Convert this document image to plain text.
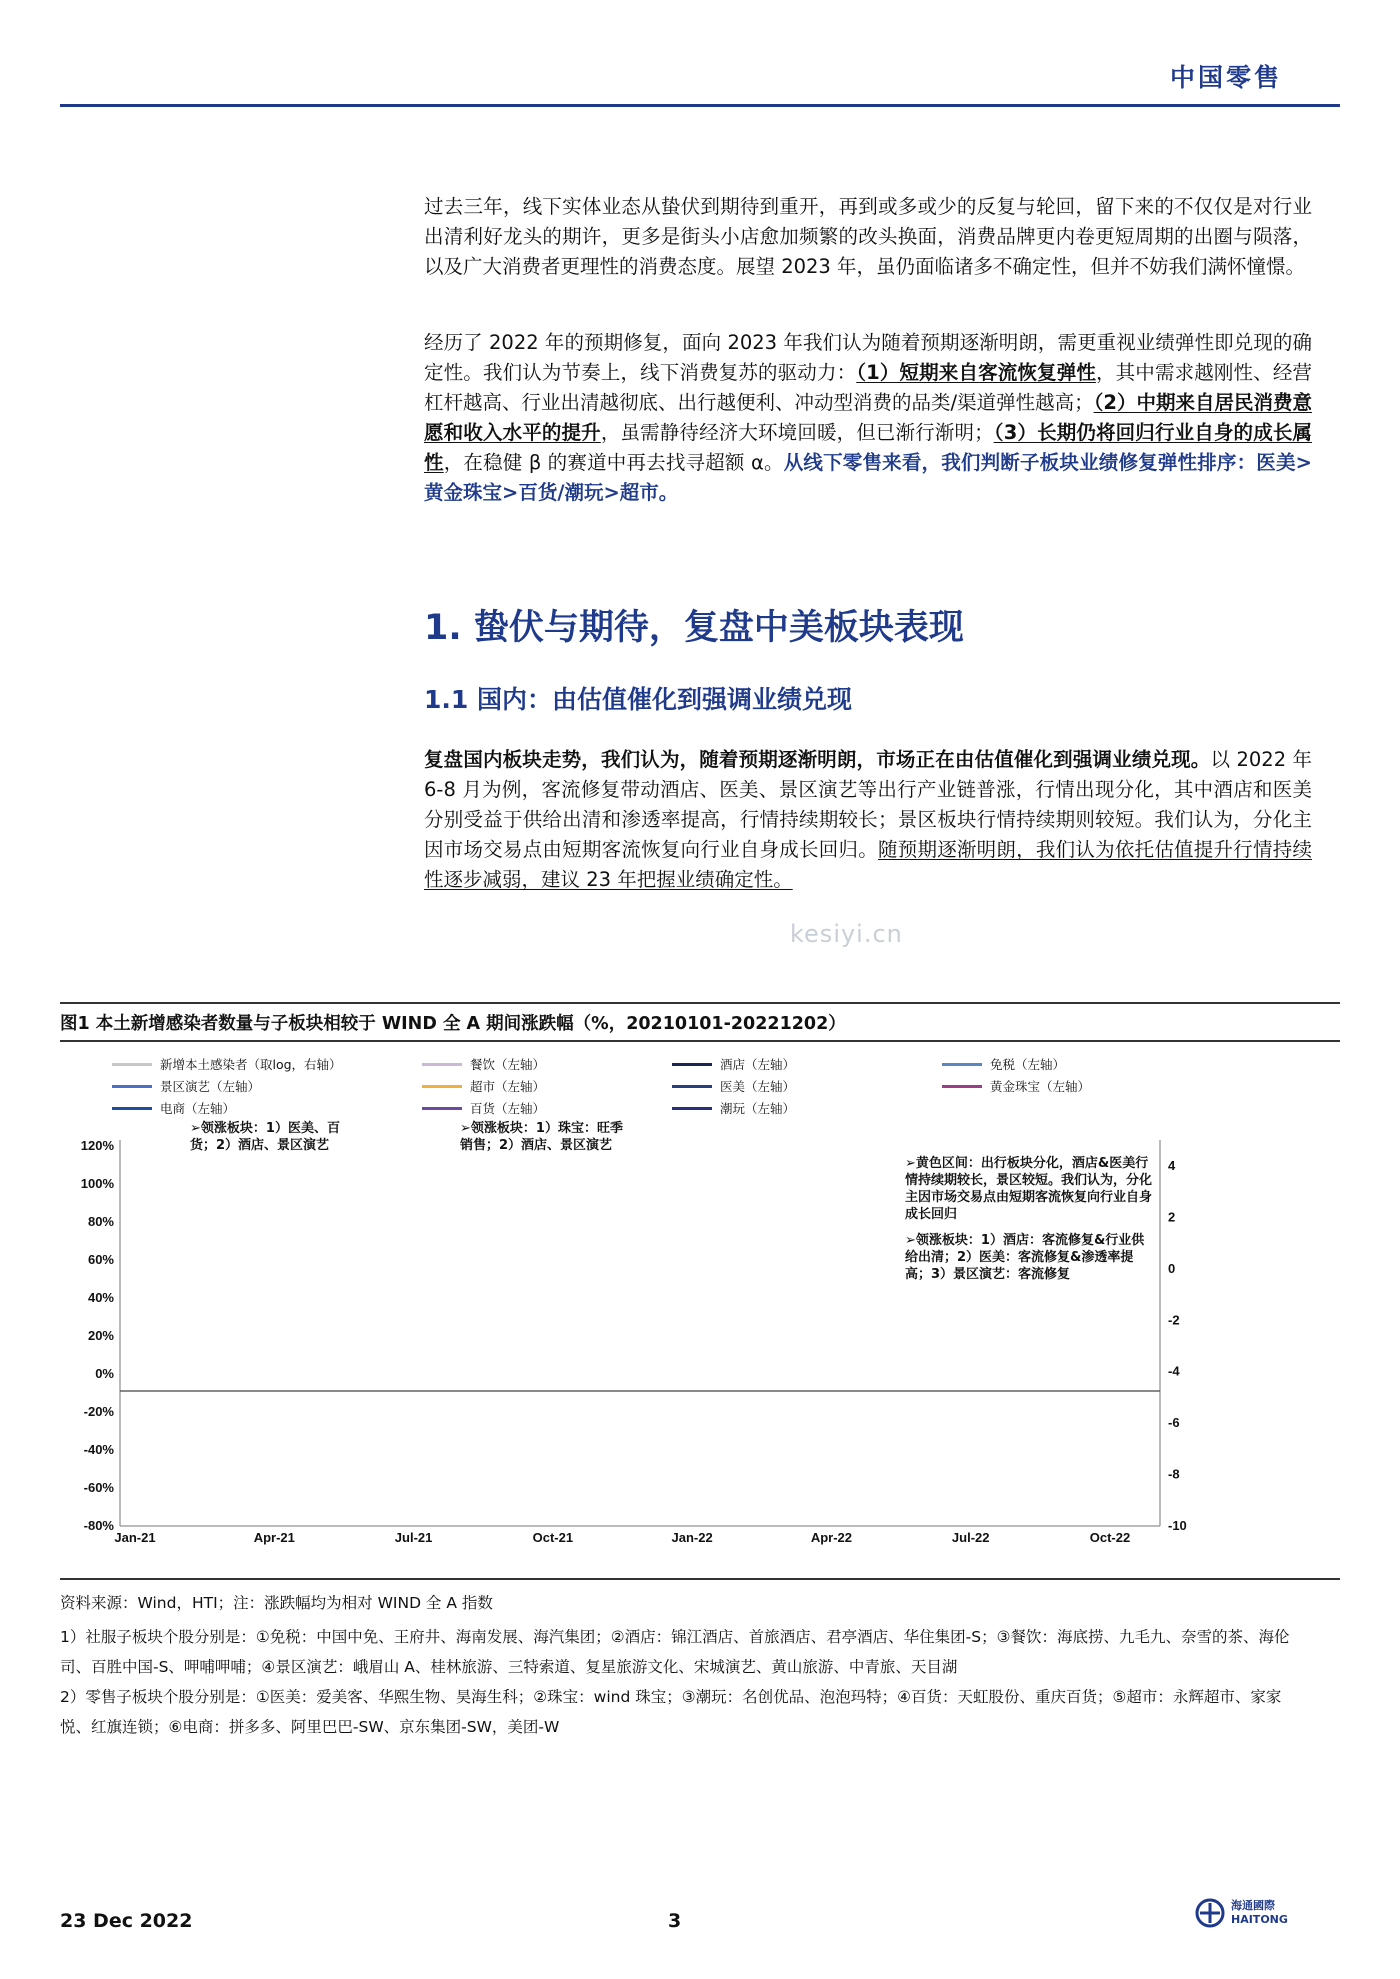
中国零售

过去三年，线下实体业态从蛰伏到期待到重开，再到或多或少的反复与轮回，留下来的不仅仅是对行业出清利好龙头的期许，更多是街头小店愈加频繁的改头换面，消费品牌更内卷更短周期的出圈与陨落，以及广大消费者更理性的消费态度。展望 2023 年，虽仍面临诸多不确定性，但并不妨我们满怀憧憬。

经历了 2022 年的预期修复，面向 2023 年我们认为随着预期逐渐明朗，需更重视业绩弹性即兑现的确定性。我们认为节奏上，线下消费复苏的驱动力：（1）短期来自客流恢复弹性，其中需求越刚性、经营杠杆越高、行业出清越彻底、出行越便利、冲动型消费的品类/渠道弹性越高；（2）中期来自居民消费意愿和收入水平的提升，虽需静待经济大环境回暖，但已渐行渐明；（3）长期仍将回归行业自身的成长属性，在稳健 β 的赛道中再去找寻超额 α。从线下零售来看，我们判断子板块业绩修复弹性排序：医美>黄金珠宝>百货/潮玩>超市。

1. 蛰伏与期待，复盘中美板块表现
1.1 国内：由估值催化到强调业绩兑现

复盘国内板块走势，我们认为，随着预期逐渐明朗，市场正在由估值催化到强调业绩兑现。以 2022 年 6-8 月为例，客流修复带动酒店、医美、景区演艺等出行产业链普涨，行情出现分化，其中酒店和医美分别受益于供给出清和渗透率提高，行情持续期较长；景区板块行情持续期则较短。我们认为，分化主因市场交易点由短期客流恢复向行业自身成长回归。随预期逐渐明朗，我们认为依托估值提升行情持续性逐步减弱，建议 23 年把握业绩确定性。

kesiyi.cn
图1 本土新增感染者数量与子板块相较于 WIND 全 A 期间涨跌幅（%，20210101-20221202）
新增本土感染者（取log，右轴）	餐饮（左轴）	酒店（左轴）	免税（左轴）
景区演艺（左轴）	超市（左轴）	医美（左轴）	黄金珠宝（左轴）
电商（左轴）	百货（左轴）	潮玩（左轴）
120%
100%
80%
60%
40%
20%
0%
-20%
-40%
-60%
-80%
4
2
0
-2
-4
-6
-8
-10
Jan-21	Apr-21	Jul-21	Oct-21	Jan-22	Apr-22	Jul-22	Oct-22
➢领涨板块：1）医美、百货；2）酒店、景区演艺
➢领涨板块：1）珠宝：旺季销售；2）酒店、景区演艺
➢黄色区间：出行板块分化，酒店&医美行情持续期较长，景区较短。我们认为，分化主因市场交易点由短期客流恢复向行业自身成长回归
➢领涨板块：1）酒店：客流修复&行业供给出清；2）医美：客流修复&渗透率提高；3）景区演艺：客流修复
资料来源：Wind，HTI；注：涨跌幅均为相对 WIND 全 A 指数
1）社服子板块个股分别是：①免税：中国中免、王府井、海南发展、海汽集团；②酒店：锦江酒店、首旅酒店、君亭酒店、华住集团-S；③餐饮：海底捞、九毛九、奈雪的茶、海伦司、百胜中国-S、呷哺呷哺；④景区演艺：峨眉山 A、桂林旅游、三特索道、复星旅游文化、宋城演艺、黄山旅游、中青旅、天目湖
2）零售子板块个股分别是：①医美：爱美客、华熙生物、昊海生科；②珠宝：wind 珠宝；③潮玩：名创优品、泡泡玛特；④百货：天虹股份、重庆百货；⑤超市：永辉超市、家家悦、红旗连锁；⑥电商：拼多多、阿里巴巴-SW、京东集团-SW，美团-W
23 Dec 2022	3
海通國際
HAITONG
